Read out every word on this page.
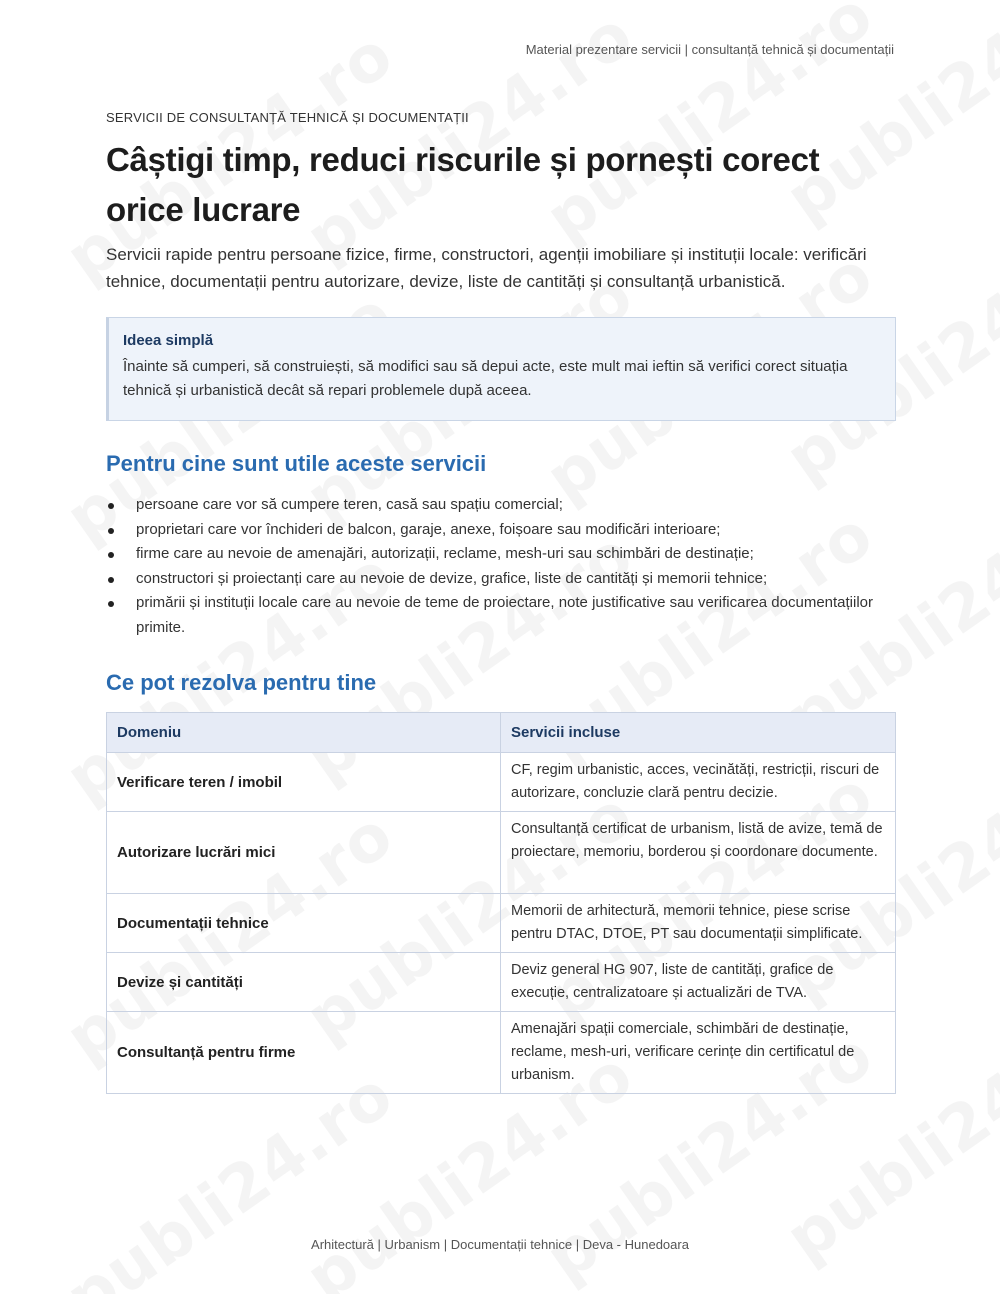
Material prezentare servicii | consultanță tehnică și documentații
SERVICII DE CONSULTANȚĂ TEHNICĂ ȘI DOCUMENTAȚII
Câștigi timp, reduci riscurile și pornești corect
orice lucrare

Servicii rapide pentru persoane fizice, firme, constructori, agenții imobiliare și instituții locale: verificări tehnice, documentații pentru autorizare, devize, liste de cantități și consultanță urbanistică.

Ideea simplă
Înainte să cumperi, să construiești, să modifici sau să depui acte, este mult mai ieftin să verifici corect situația tehnică și urbanistică decât să repari problemele după aceea.
Pentru cine sunt utile aceste servicii
persoane care vor să cumpere teren, casă sau spațiu comercial;
proprietari care vor închideri de balcon, garaje, anexe, foișoare sau modificări interioare;
firme care au nevoie de amenajări, autorizații, reclame, mesh-uri sau schimbări de destinație;
constructori și proiectanți care au nevoie de devize, grafice, liste de cantități și memorii tehnice;
primării și instituții locale care au nevoie de teme de proiectare, note justificative sau verificarea documentațiilor primite.
Ce pot rezolva pentru tine
Domeniu	Servicii incluse
Verificare teren / imobil	CF, regim urbanistic, acces, vecinătăți, restricții, riscuri de autorizare, concluzie clară pentru decizie.
Autorizare lucrări mici	Consultanță certificat de urbanism, listă de avize, temă de proiectare, memoriu, borderou și coordonare documente.
Documentații tehnice	Memorii de arhitectură, memorii tehnice, piese scrise pentru DTAC, DTOE, PT sau documentații simplificate.
Devize și cantități	Deviz general HG 907, liste de cantități, grafice de execuție, centralizatoare și actualizări de TVA.
Consultanță pentru firme	Amenajări spații comerciale, schimbări de destinație, reclame, mesh-uri, verificare cerințe din certificatul de urbanism.
Arhitectură | Urbanism | Documentații tehnice | Deva - Hunedoara
